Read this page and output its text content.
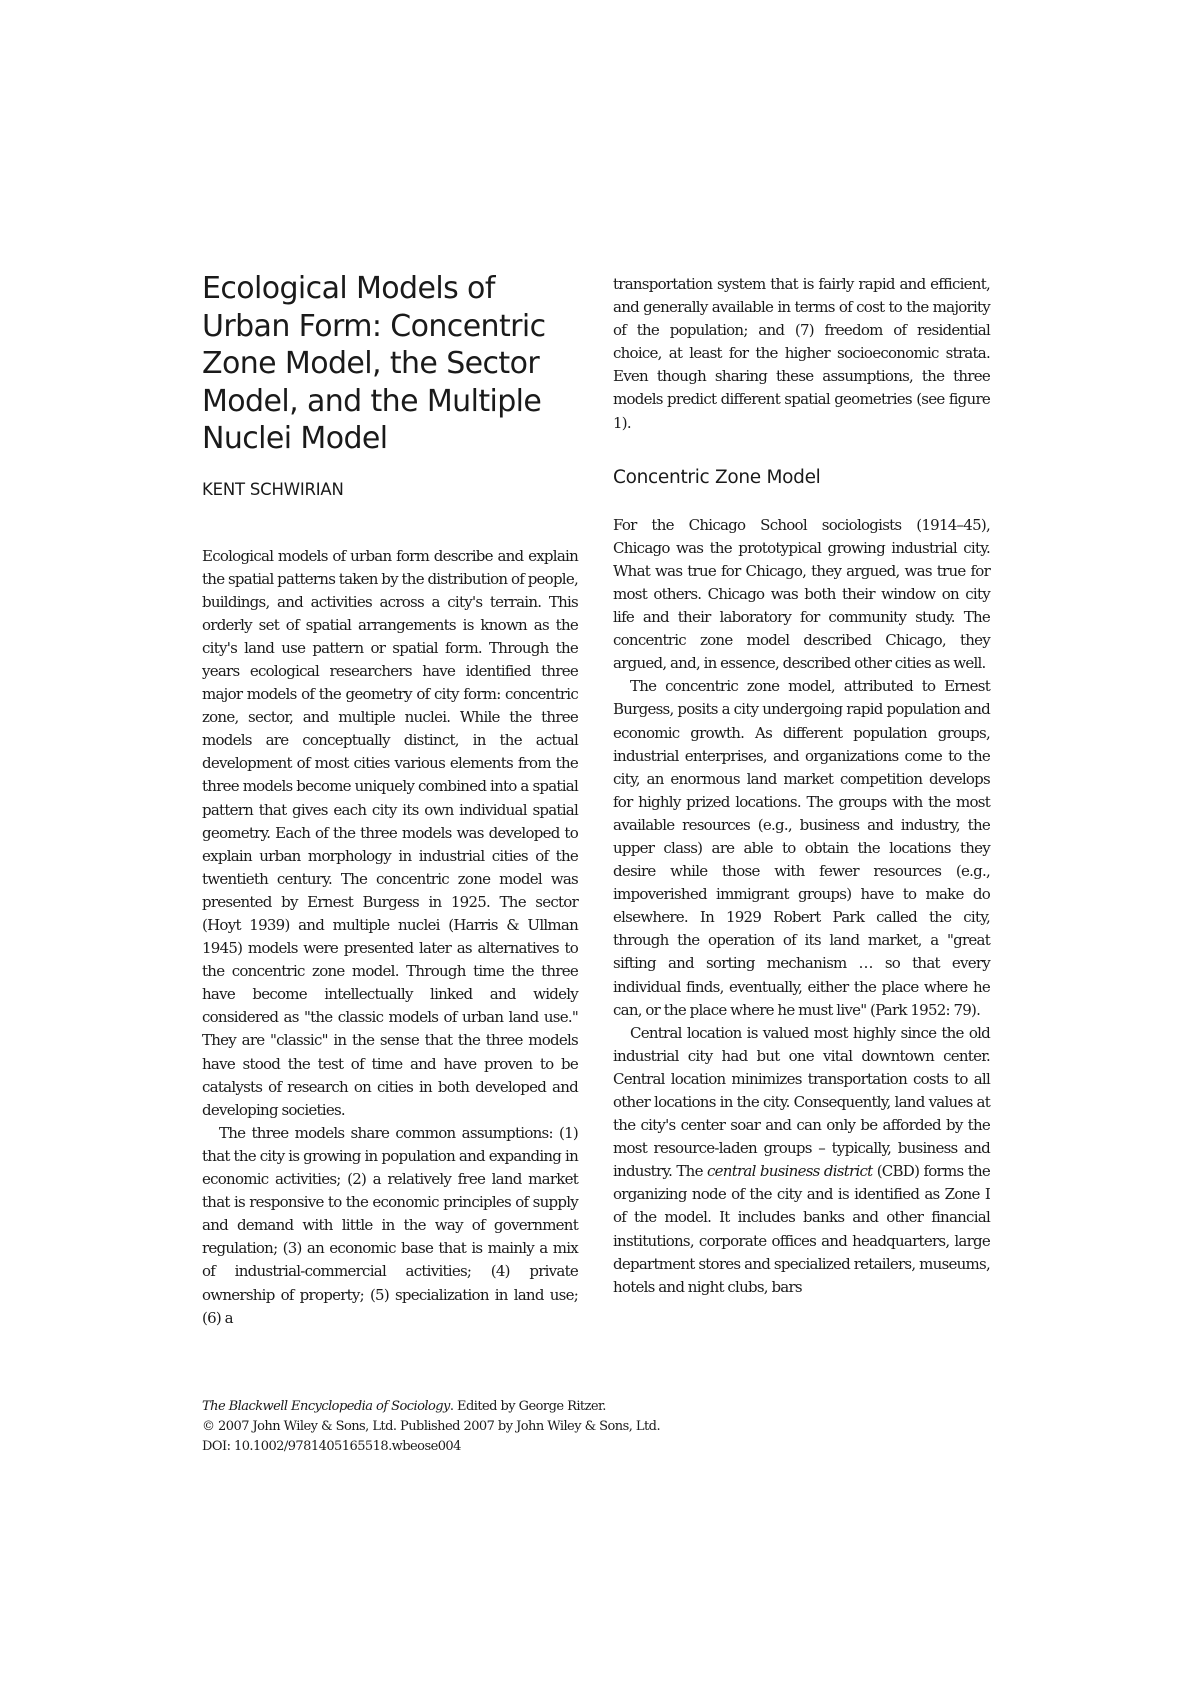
Ecological Models of
Urban Form: Concentric
Zone Model, the Sector
Model, and the Multiple
Nuclei Model
KENT SCHWIRIAN

Ecological models of urban form describe and explain the spatial patterns taken by the distribution of people, buildings, and activities across a city's terrain. This orderly set of spatial arrangements is known as the city's land use pattern or spatial form. Through the years ecological researchers have identified three major models of the geometry of city form: concentric zone, sector, and multiple nuclei. While the three models are conceptually distinct, in the actual development of most cities various elements from the three models become uniquely combined into a spatial pattern that gives each city its own individual spatial geometry. Each of the three models was developed to explain urban morphology in industrial cities of the twentieth century. The concentric zone model was presented by Ernest Burgess in 1925. The sector (Hoyt 1939) and multiple nuclei (Harris & Ullman 1945) models were presented later as alternatives to the concentric zone model. Through time the three have become intellectually linked and widely considered as "the classic models of urban land use." They are "classic" in the sense that the three models have stood the test of time and have proven to be catalysts of research on cities in both developed and developing societies.

The three models share common assumptions: (1) that the city is growing in population and expanding in economic activities; (2) a relatively free land market that is responsive to the economic principles of supply and demand with little in the way of government regulation; (3) an economic base that is mainly a mix of industrial-commercial activities; (4) private ownership of property; (5) specialization in land use; (6) a

transportation system that is fairly rapid and efficient, and generally available in terms of cost to the majority of the population; and (7) freedom of residential choice, at least for the higher socioeconomic strata. Even though sharing these assumptions, the three models predict different spatial geometries (see figure 1).

Concentric Zone Model

For the Chicago School sociologists (1914–45), Chicago was the prototypical growing industrial city. What was true for Chicago, they argued, was true for most others. Chicago was both their window on city life and their laboratory for community study. The concentric zone model described Chicago, they argued, and, in essence, described other cities as well.

The concentric zone model, attributed to Ernest Burgess, posits a city undergoing rapid population and economic growth. As different population groups, industrial enterprises, and organizations come to the city, an enormous land market competition develops for highly prized locations. The groups with the most available resources (e.g., business and industry, the upper class) are able to obtain the locations they desire while those with fewer resources (e.g., impoverished immigrant groups) have to make do elsewhere. In 1929 Robert Park called the city, through the operation of its land market, a "great sifting and sorting mechanism … so that every individual finds, eventually, either the place where he can, or the place where he must live" (Park 1952: 79).

Central location is valued most highly since the old industrial city had but one vital downtown center. Central location minimizes transportation costs to all other locations in the city. Consequently, land values at the city's center soar and can only be afforded by the most resource-laden groups – typically, business and industry. The central business district (CBD) forms the organizing node of the city and is identified as Zone I of the model. It includes banks and other financial institutions, corporate offices and headquarters, large department stores and specialized retailers, museums, hotels and night clubs, bars

The Blackwell Encyclopedia of Sociology. Edited by George Ritzer.
© 2007 John Wiley & Sons, Ltd. Published 2007 by John Wiley & Sons, Ltd.
DOI: 10.1002/9781405165518.wbeose004
